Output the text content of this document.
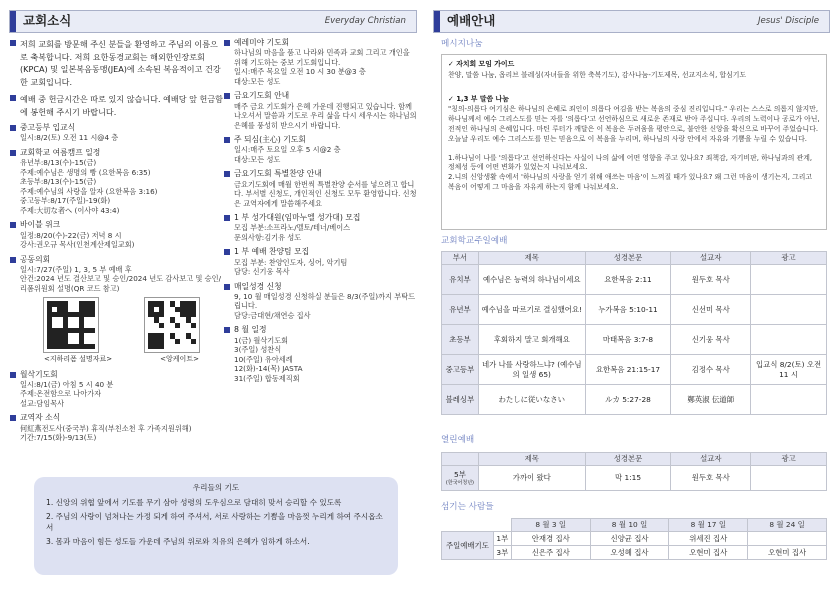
교회소식	Everyday Christian	예배안내	Jesus' Disciple
저희 교회를 방문해 주신 분들을 환영하고 주님의 이름으로 축복합니다. 저희 요한동경교회는 해외한인장로회(KPCA) 및 일본복음동맹(JEA)에 소속된 복음적이고 건강한 교회입니다.
예배 중 헌금시간은 따로 있지 않습니다. 예배당 앞 헌금함에 봉헌해 주시기 바랍니다.
중고등부 입교식
일시:8/2(토) 오전 11 시@4 층
교회학교 여름캠프 일정
유년부:8/13(수)-15(금)
주제:예수님은 생명의 빵 (요한복음 6:35)
초등부:8/13(수)-15(금)
주제:예수님의 사랑을 알자 (요한복음 3:16)
중고등부:8/17(주일)-19(화)
주제:大切な者へ (이사야 43:4)
바이블 위크
일정:8/20(수)-22(금) 저녁 8 시
강사:권오규 목사(인천계산제일교회)
공동의회
일시:7/27(주일) 1, 3, 5 부 예배 후
안건:2024 년도 결산보고 및 승인/2024 년도 감사보고 및 승인/리폼위원회 설명(QR 코드 참고)
<지하리폼 설명자료>	<앙케이트>
월삭기도회
일시:8/1(금) 아침 5 시 40 분
주제:온전함으로 나아가자
설교:담임목사
교역자 소식
何紅燕전도사(중국부) 휴직(부친소천 후 가족지원위해)
기간:7/15(화)-9/13(토)
예레미야 기도회
하나님의 마음을 품고 나라와 민족과 교회 그리고 개인을 위해 기도하는 중보 기도회입니다.
일시:매주 목요일 오전 10 시 30 분@3 층
대상:모든 성도
금요기도회 안내
매주 금요 기도회가 은혜 가운데 진행되고 있습니다. 함께 나오셔서 말씀과 기도로 우리 삶을 다시 세우시는 하나님의 은혜를 풍성히 받으시기 바랍니다.
주 되심(主心) 기도회
일시:매주 토요일 오후 5 시@2 층
대상:모든 성도
금요기도회 특별찬양 안내
금요기도회에 매월 한번씩 특별찬양 순서를 넣으려고 합니다. 부서별 신청도, 개인적인 신청도 모두 환영합니다. 신청은 교역자에게 말씀해주세요
1 부 성가대원(임마누엘 성가대) 모집
모집 부분:소프라노/멜토/테너/베이스
문의사항:김기유 성도
1 부 예배 찬양팀 모집
모집 부분: 찬양인도자, 싱어, 악기팀
담당: 신기웅 목사
매일성경 신청
9, 10 월 매일성경 신청하실 분들은 8/3(주일)까지 부탁드립니다.
담당:금대현/채연승 집사
8 월 일정
1(금) 월삭기도회
3(주일) 성찬식
10(주일) 유아세례
12(화)-14(목) JASTA
31(주일) 합동제직회
우리들의 기도

1. 신앙의 위협 앞에서 기도를 무기 삼아 성령의 도우심으로 담대히 맞서 승리할 수 있도록

2. 주님의 사랑이 넘쳐나는 가정 되게 하여 주셔서, 서로 사랑하는 기쁨을 마음껏 누리게 하여 주시옵소서

3. 몸과 마음이 힘든 성도들 가운데 주님의 위로와 치유의 은혜가 임하게 하소서.

메시지나눔
✓ 자치회 모임 가이드

찬양, 말씀 나눔, 옵리브 블레싱(자녀들을 위한 축복기도), 감사나눔-기도제목, 선교지소식, 합심기도

✓ 1,3 부 말씀 나눔

"칭의-의롭다 여기심은 하나님의 은혜로 죄인이 의롭다 여김을 받는 복음의 중심 진리입니다." 우리는 스스로 의롭지 않지만, 하나님께서 예수 그리스도를 믿는 자를 '의롭다'고 선언하심으로 새로운 존재로 받아 주십니다. 우리의 노력이나 공로가 아닌, 전적인 하나님의 은혜입니다. 마틴 루터가 깨달은 이 복음은 두려움을 평안으로, 불안한 신앙을 확신으로 바꾸어 주었습니다. 오늘날 우리도 예수 그리스도를 믿는 믿음으로 이 복음을 누리며, 하나님의 사랑 안에서 자유와 기쁨을 누릴 수 있습니다.

1.하나님이 나를 '의롭다'고 선언하신다는 사실이 나의 삶에 어떤 영향을 주고 있나요? 죄책감, 자기비판, 하나님과의 관계, 정체성 등에 어떤 변화가 있었는지 나눠보세요.

2.니의 신앙생활 속에서 '하나님의 사랑을 얻기 위해 애쓰는 마음'이 느껴질 때가 있나요? 왜 그런 마음이 생기는지, 그리고 복음이 어떻게 그 마음을 자유케 하는지 함께 나눠보세요.

교회학교주일예배
부서	제목	성경본문	설교자	광고
유치부	예수님은 능력의 하나님이세요	요한복음 2:11	원두호 목사	
유년부	예수님을 따르기로 결심했어요!	누가복음 5:10-11	신선미 목사	
초등부	후회하지 말고 회개해요	마태복음 3:7-8	신기웅 목사	
중고등부	네가 나를 사랑하느냐? (예수님의 일생 65)	요한복음 21:15-17	김정수 목사	입교식 8/2(토) 오전 11 시
블레싱부	わたしに従いなさい	ルカ 5:27-28	鄭英淑 伝道師	
열린예배
	제목	성경본문	설교자	광고

5부
(한국어청년)	가까이 왔다	막 1:15	원두호 목사	
섬기는 사람들
		8 월 3 일	8 월 10 일	8 월 17 일	8 월 24 일
주일예배기도	1부	안재경 집사	신양균 집사	위세진 집사	
	3부	신은주 집사	오성혜 집사	오현미 집사	오현미 집사
